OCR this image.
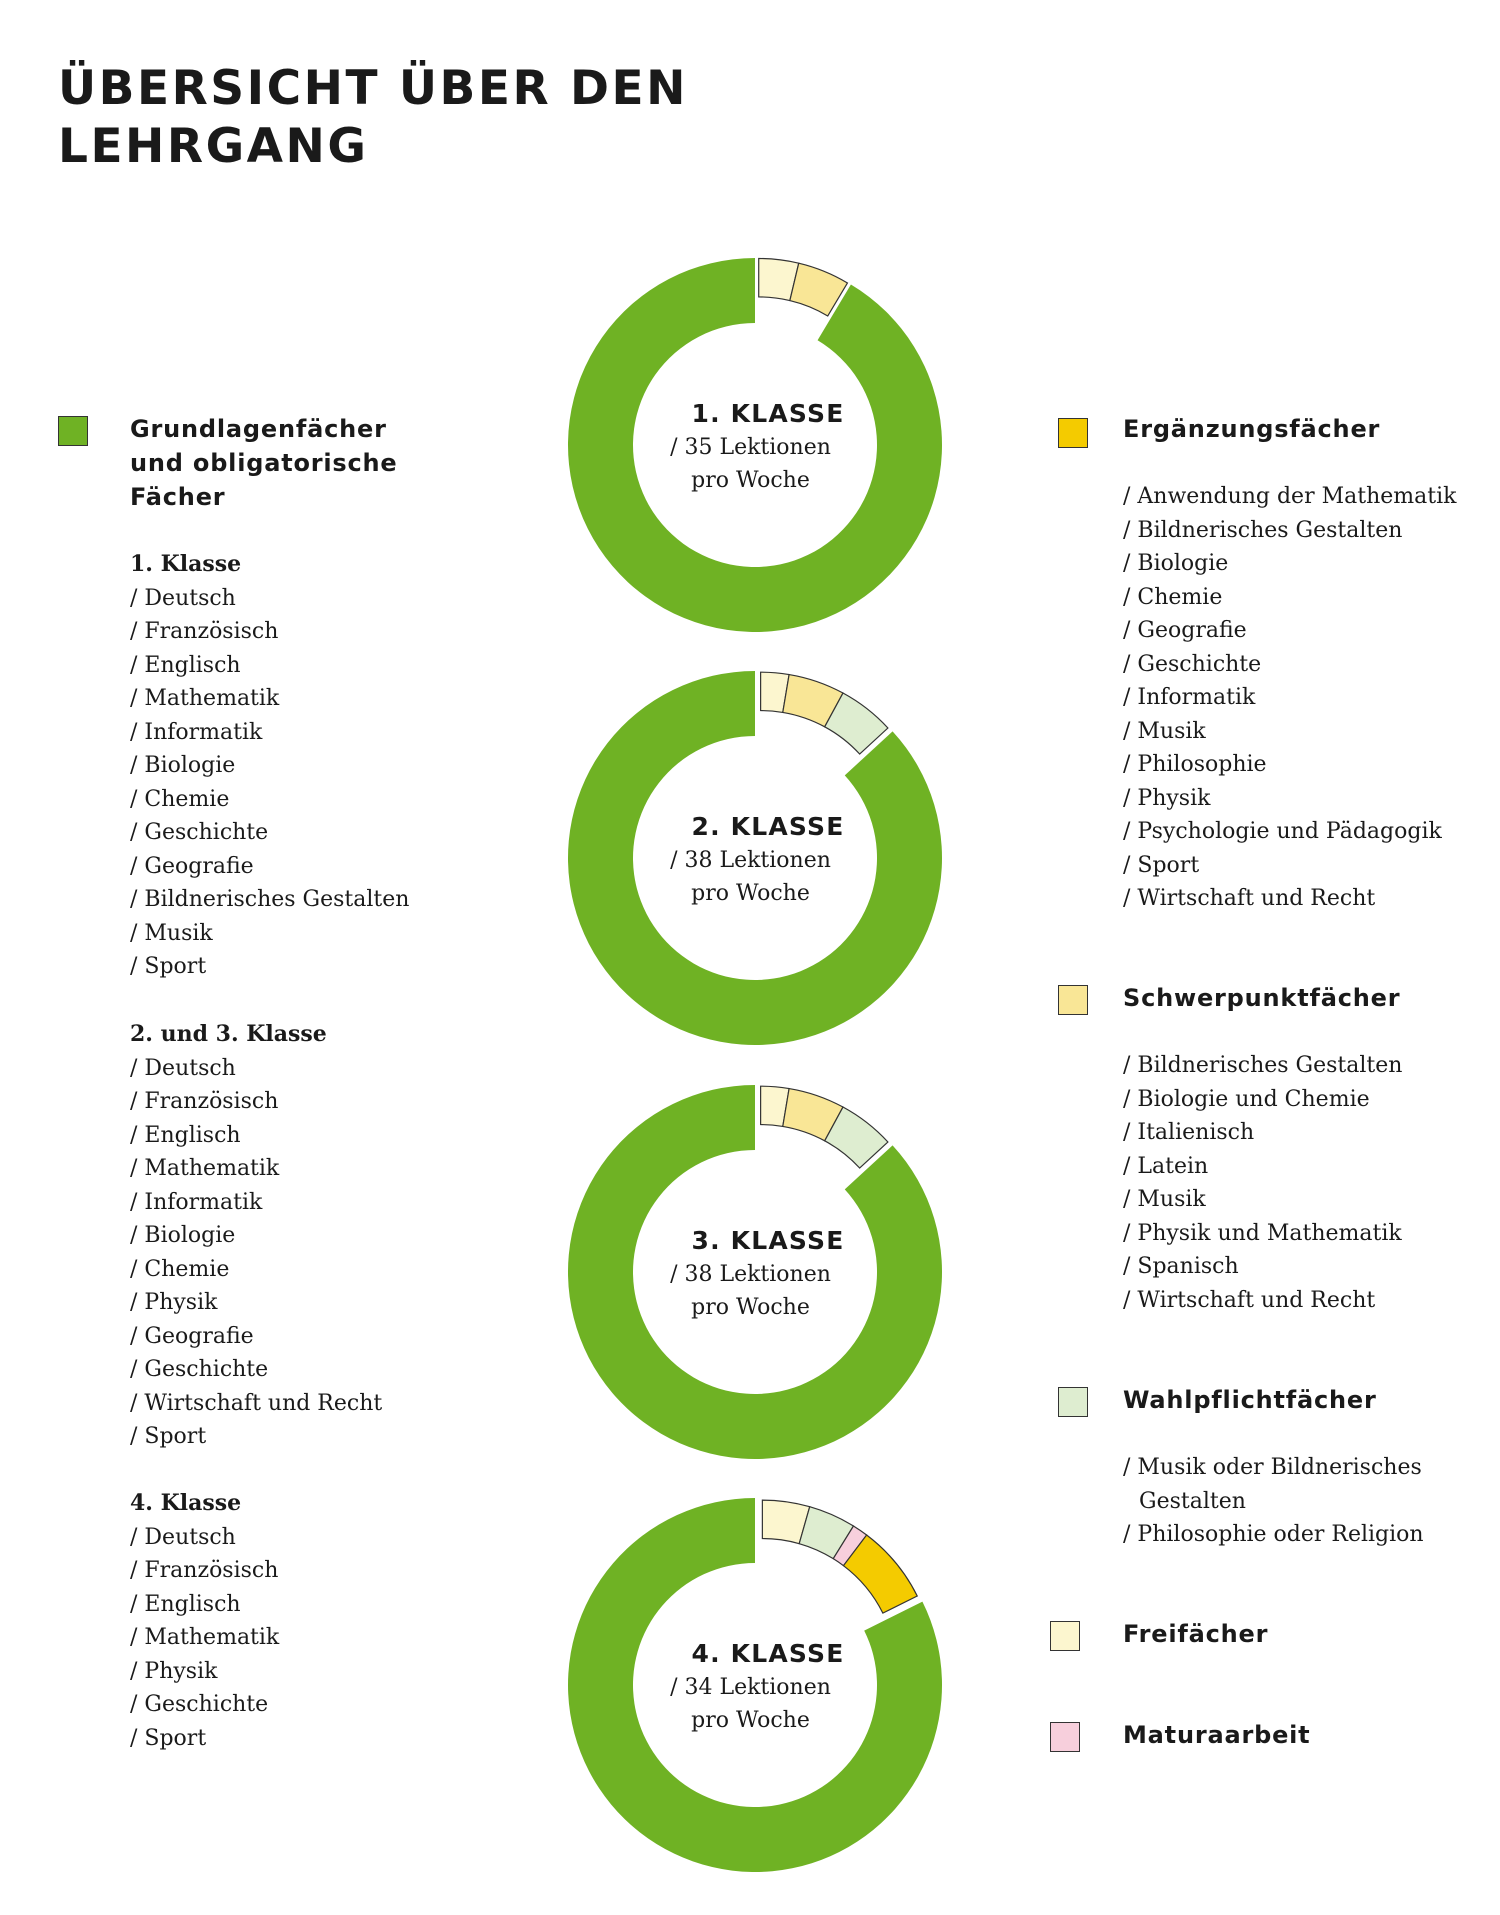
ÜBERSICHT ÜBER DEN
LEHRGANG
Grundlagenfächer
und obligatorische
Fächer
1. Klasse
/ Deutsch
/ Französisch
/ Englisch
/ Mathematik
/ Informatik
/ Biologie
/ Chemie
/ Geschichte
/ Geografie
/ Bildnerisches Gestalten
/ Musik
/ Sport
2. und 3. Klasse
/ Deutsch
/ Französisch
/ Englisch
/ Mathematik
/ Informatik
/ Biologie
/ Chemie
/ Physik
/ Geografie
/ Geschichte
/ Wirtschaft und Recht
/ Sport
4. Klasse
/ Deutsch
/ Französisch
/ Englisch
/ Mathematik
/ Physik
/ Geschichte
/ Sport
Ergänzungsfächer
/ Anwendung der Mathematik
/ Bildnerisches Gestalten
/ Biologie
/ Chemie
/ Geografie
/ Geschichte
/ Informatik
/ Musik
/ Philosophie
/ Physik
/ Psychologie und Pädagogik
/ Sport
/ Wirtschaft und Recht
Schwerpunktfächer
/ Bildnerisches Gestalten
/ Biologie und Chemie
/ Italienisch
/ Latein
/ Musik
/ Physik und Mathematik
/ Spanisch
/ Wirtschaft und Recht
Wahlpflichtfächer
/ Musik oder Bildnerisches
Gestalten
/ Philosophie oder Religion
Freifächer
Maturaarbeit
1. KLASSE
/ 35 Lektionen
pro Woche
2. KLASSE
/ 38 Lektionen
pro Woche
3. KLASSE
/ 38 Lektionen
pro Woche
4. KLASSE
/ 34 Lektionen
pro Woche
